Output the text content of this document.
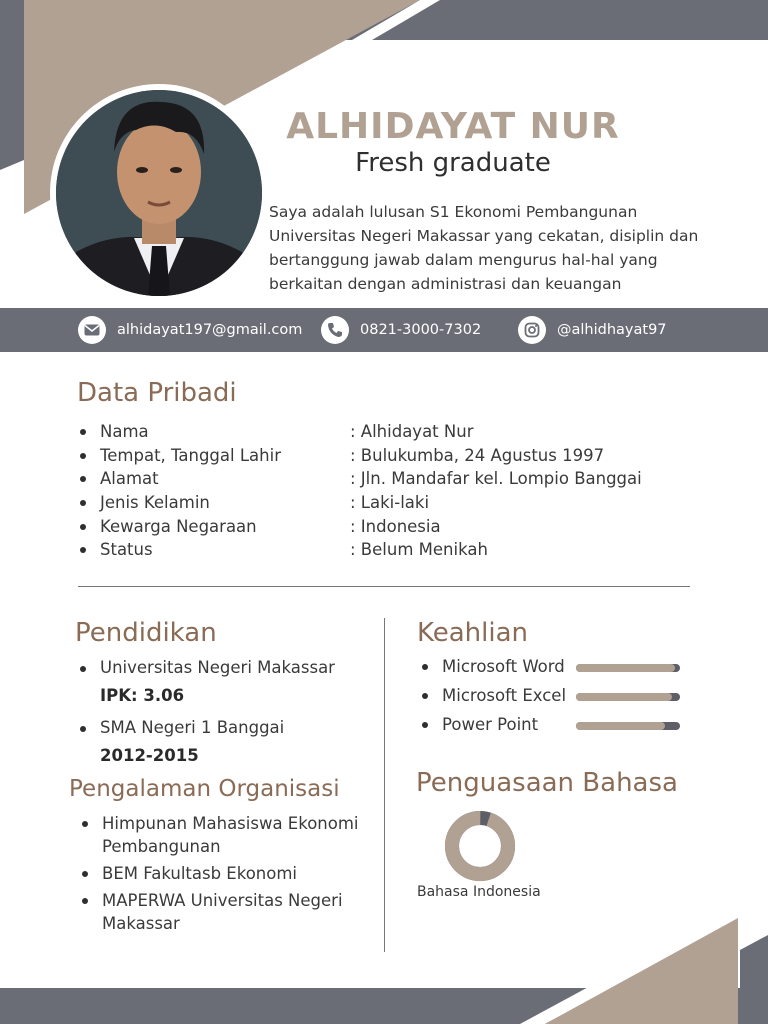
ALHIDAYAT NUR
Fresh graduate
Saya adalah lulusan S1 Ekonomi Pembangunan Universitas Negeri Makassar yang cekatan, disiplin dan bertanggung jawab dalam mengurus hal-hal yang berkaitan dengan administrasi dan keuangan
alhidayat197@gmail.com	0821-3000-7302	@alhidhayat97
Data Pribadi
Nama	: Alhidayat Nur
Tempat, Tanggal Lahir	: Bulukumba, 24 Agustus 1997
Alamat	: Jln. Mandafar kel. Lompio Banggai
Jenis Kelamin	: Laki-laki
Kewarga Negaraan	: Indonesia
Status	: Belum Menikah
Pendidikan
Universitas Negeri Makassar
IPK: 3.06
SMA Negeri 1 Banggai
2012-2015
Pengalaman Organisasi
Himpunan Mahasiswa Ekonomi Pembangunan
BEM Fakultasb Ekonomi
MAPERWA Universitas Negeri Makassar
Keahlian
Microsoft Word
Microsoft Excel
Power Point
Penguasaan Bahasa
Bahasa Indonesia
